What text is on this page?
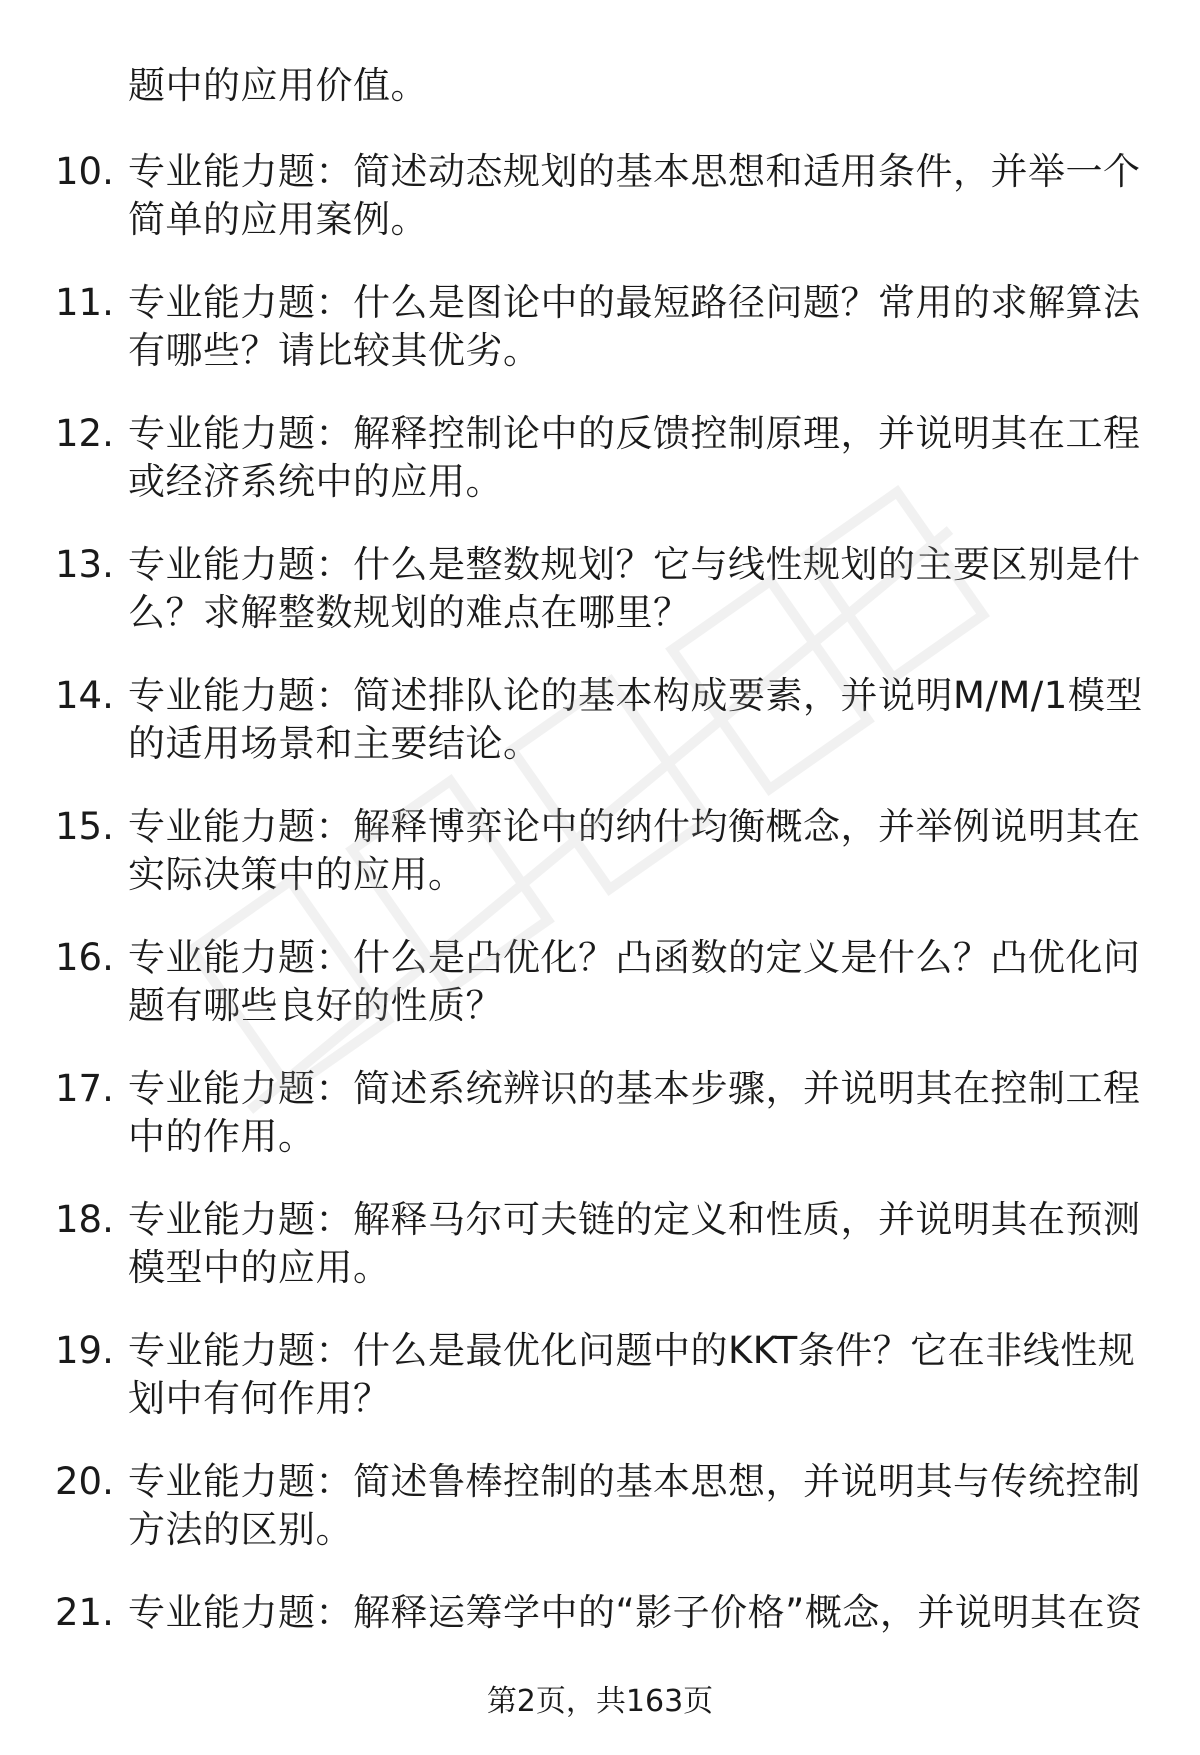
题中的应用价值。

10. 专业能力题：简述动态规划的基本思想和适用条件，并举一个简单的应用案例。
11. 专业能力题：什么是图论中的最短路径问题？常用的求解算法有哪些？请比较其优劣。
12. 专业能力题：解释控制论中的反馈控制原理，并说明其在工程或经济系统中的应用。
13. 专业能力题：什么是整数规划？它与线性规划的主要区别是什么？求解整数规划的难点在哪里？
14. 专业能力题：简述排队论的基本构成要素，并说明M/M/1模型的适用场景和主要结论。
15. 专业能力题：解释博弈论中的纳什均衡概念，并举例说明其在实际决策中的应用。
16. 专业能力题：什么是凸优化？凸函数的定义是什么？凸优化问题有哪些良好的性质？
17. 专业能力题：简述系统辨识的基本步骤，并说明其在控制工程中的作用。
18. 专业能力题：解释马尔可夫链的定义和性质，并说明其在预测模型中的应用。
19. 专业能力题：什么是最优化问题中的KKT条件？它在非线性规划中有何作用？
20. 专业能力题：简述鲁棒控制的基本思想，并说明其与传统控制方法的区别。
21. 专业能力题：解释运筹学中的“影子价格”概念，并说明其在资
第2页，共163页
